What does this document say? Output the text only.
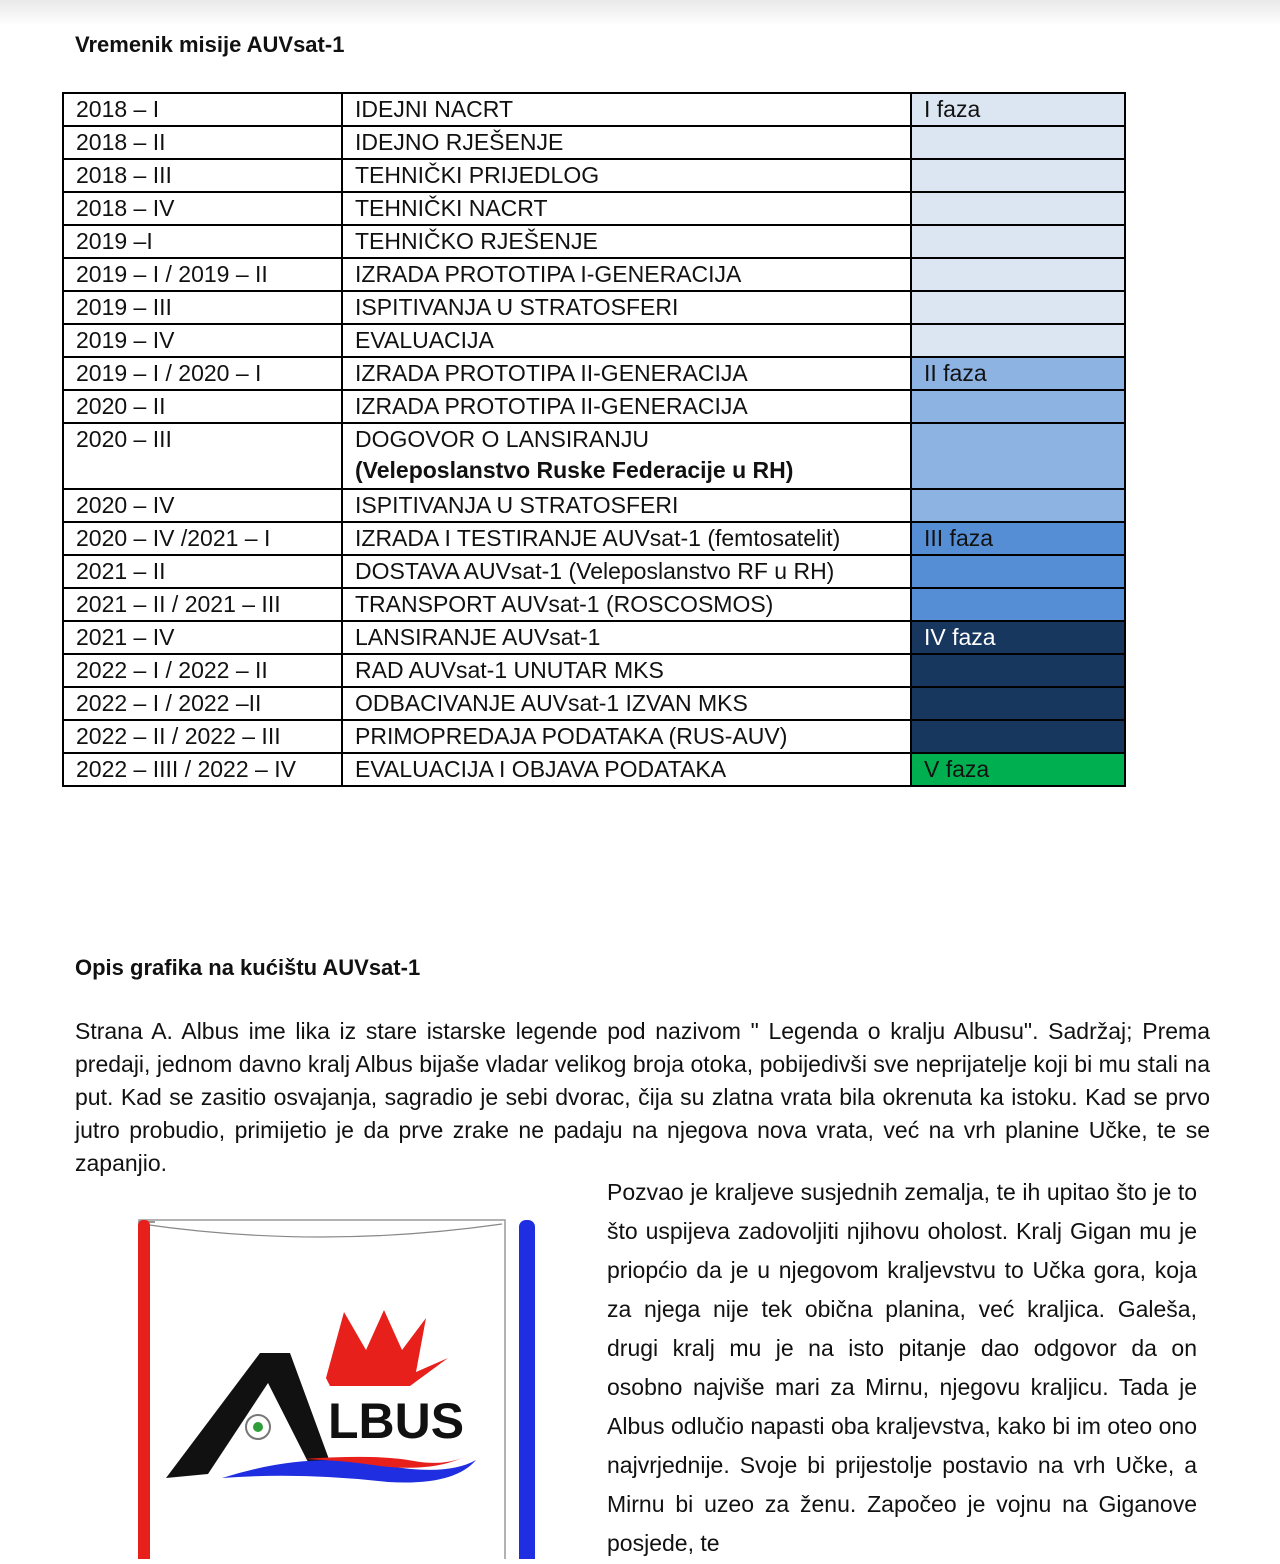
Vremenik misije AUVsat-1
2018 – I	IDEJNI NACRT	I faza
2018 – II	IDEJNO RJEŠENJE	

2018 – III	TEHNIČKI PRIJEDLOG	

2018 – IV	TEHNIČKI NACRT	

2019 –I	TEHNIČKO RJEŠENJE	

2019 – I / 2019 – II	IZRADA PROTOTIPA I-GENERACIJA	

2019 – III	ISPITIVANJA U STRATOSFERI	

2019 – IV	EVALUACIJA	

2019 – I / 2020 – I	IZRADA PROTOTIPA II-GENERACIJA	II faza
2020 – II	IZRADA PROTOTIPA II-GENERACIJA	

2020 – III	DOGOVOR O LANSIRANJU
(Veleposlanstvo Ruske Federacije u RH)	

2020 – IV	ISPITIVANJA U STRATOSFERI	

2020 – IV /2021 – I	IZRADA I TESTIRANJE AUVsat-1 (femtosatelit)	III faza
2021 – II	DOSTAVA AUVsat-1 (Veleposlanstvo RF u RH)	

2021 – II / 2021 – III	TRANSPORT AUVsat-1 (ROSCOSMOS)	

2021 – IV	LANSIRANJE AUVsat-1	IV faza
2022 – I / 2022 – II	RAD AUVsat-1 UNUTAR MKS	

2022 – I / 2022 –II	ODBACIVANJE AUVsat-1 IZVAN MKS	

2022 – II / 2022 – III	PRIMOPREDAJA PODATAKA (RUS-AUV)	

2022 – IIII / 2022 – IV	EVALUACIJA I OBJAVA PODATAKA	V faza
Opis grafika na kućištu AUVsat-1

Strana A. Albus ime lika iz stare istarske legende pod nazivom " Legenda o kralju Albusu". Sadržaj; Prema predaji, jednom davno kralj Albus bijaše vladar velikog broja otoka, pobijedivši sve neprijatelje koji bi mu stali na put. Kad se zasitio osvajanja, sagradio je sebi dvorac, čija su zlatna vrata bila okrenuta ka istoku. Kad se prvo jutro probudio, primijetio je da prve zrake ne padaju na njegova nova vrata, već na vrh planine Učke, te se zapanjio.

LBUS

Pozvao je kraljeve susjednih zemalja, te ih upitao što je to što uspijeva zadovoljiti njihovu oholost. Kralj Gigan mu je priopćio da je u njegovom kraljevstvu to Učka gora, koja za njega nije tek obična planina, već kraljica. Galeša, drugi kralj mu je na isto pitanje dao odgovor da on osobno najviše mari za Mirnu, njegovu kraljicu. Tada je Albus odlučio napasti oba kraljevstva, kako bi im oteo ono najvrjednije. Svoje bi prijestolje postavio na vrh Učke, a Mirnu bi uzeo za ženu. Započeo je vojnu na Giganove posjede, te
